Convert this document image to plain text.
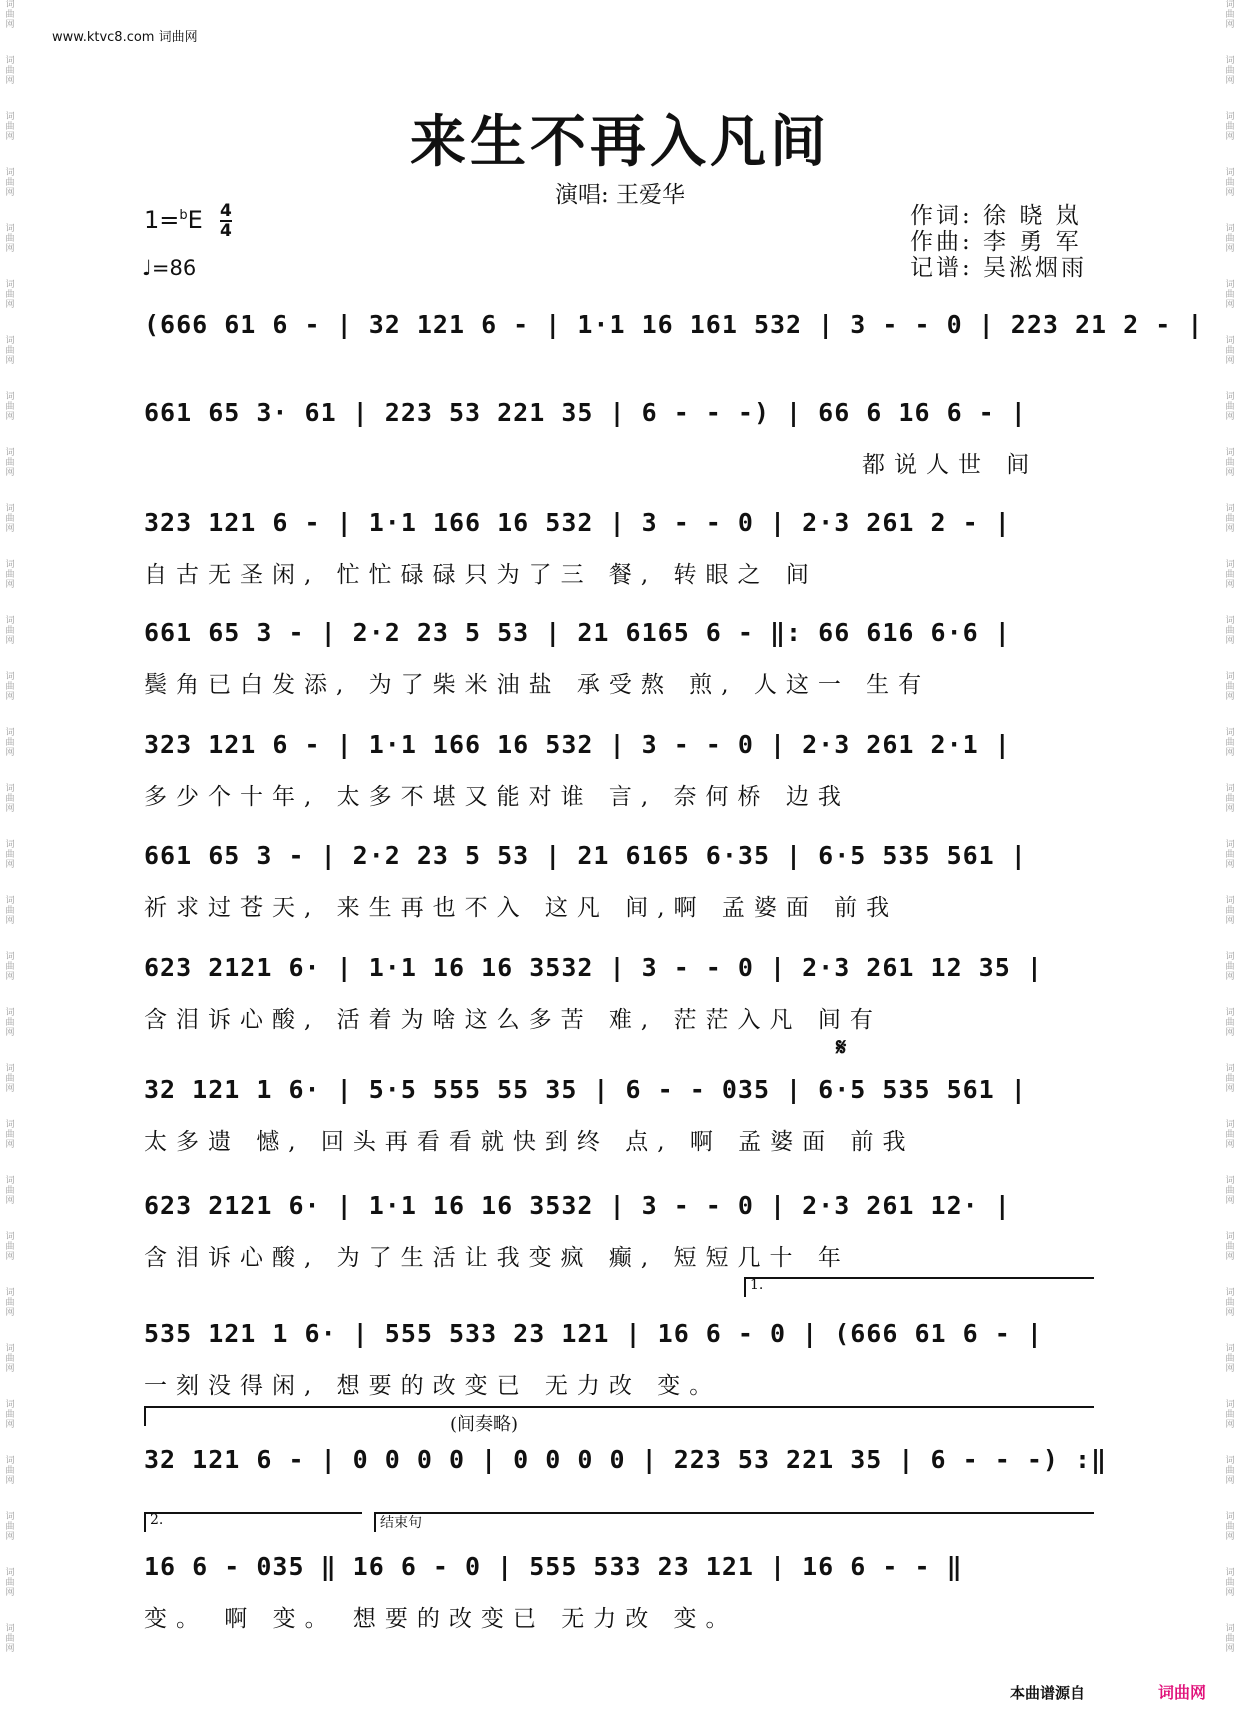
词
曲
网
词
曲
网
词
曲
网
词
曲
网
词
曲
网
词
曲
网
词
曲
网
词
曲
网
词
曲
网
词
曲
网
词
曲
网
词
曲
网
词
曲
网
词
曲
网
词
曲
网
词
曲
网
词
曲
网
词
曲
网
词
曲
网
词
曲
网
词
曲
网
词
曲
网
词
曲
网
词
曲
网
词
曲
网
词
曲
网
词
曲
网
词
曲
网
词
曲
网
词
曲
网
词
曲
网
词
曲
网
词
曲
网
词
曲
网
词
曲
网
词
曲
网
词
曲
网
词
曲
网
词
曲
网
词
曲
网
词
曲
网
词
曲
网
词
曲
网
词
曲
网
词
曲
网
词
曲
网
词
曲
网
词
曲
网
词
曲
网
词
曲
网
词
曲
网
词
曲
网
词
曲
网
词
曲
网
词
曲
网
词
曲
网
词
曲
网
词
曲
网
词
曲
网
词
曲
网
www.ktvc8.com 词曲网
来生不再入凡间
演唱: 王爱华
1=$^b$E 4
4
♩=86
作词: 徐 晓 岚
作曲: 李 勇 军
记谱: 吴淞烟雨
(666 61 6 - | 32 121 6 - | 1·1 16 161 532 | 3 - - 0 | 223 21 2 - |
661 65 3· 61 | 223 53 221 35 | 6 - - -) | 66 6 16 6 - |
都说人世 间
323 121 6 - | 1·1 166 16 532 | 3 - - 0 | 2·3 261 2 - |
自古无圣闲, 忙忙碌碌只为了三 餐, 转眼之 间
661 65 3 - | 2·2 23 5 53 | 21 6165 6 - ‖: 66 616 6·6 |
鬓角已白发添, 为了柴米油盐 承受熬 煎, 人这一 生有
323 121 6 - | 1·1 166 16 532 | 3 - - 0 | 2·3 261 2·1 |
多少个十年, 太多不堪又能对谁 言, 奈何桥 边我
661 65 3 - | 2·2 23 5 53 | 21 6165 6·35 | 6·5 535 561 |
祈求过苍天, 来生再也不入 这凡 间,啊 孟婆面 前我
623 2121 6· | 1·1 16 16 3532 | 3 - - 0 | 2·3 261 12 35 |
含泪诉心酸, 活着为啥这么多苦 难, 茫茫入凡 间有
𝄋
32 121 1 6· | 5·5 555 55 35 | 6 - - 035 | 6·5 535 561 |
太多遗 憾, 回头再看看就快到终 点, 啊 孟婆面 前我
623 2121 6· | 1·1 16 16 3532 | 3 - - 0 | 2·3 261 12· |
含泪诉心酸, 为了生活让我变疯 癫, 短短几十 年
1.
535 121 1 6· | 555 533 23 121 | 16 6 - 0 | (666 61 6 - |
一刻没得闲, 想要的改变已 无力改 变。
(间奏略)
32 121 6 - | 0 0 0 0 | 0 0 0 0 | 223 53 221 35 | 6 - - -) :‖
2.	结束句
16 6 - 035 ‖ 16 6 - 0 | 555 533 23 121 | 16 6 - - ‖
变。 啊 变。 想要的改变已 无力改 变。
本曲谱源自	词曲网
